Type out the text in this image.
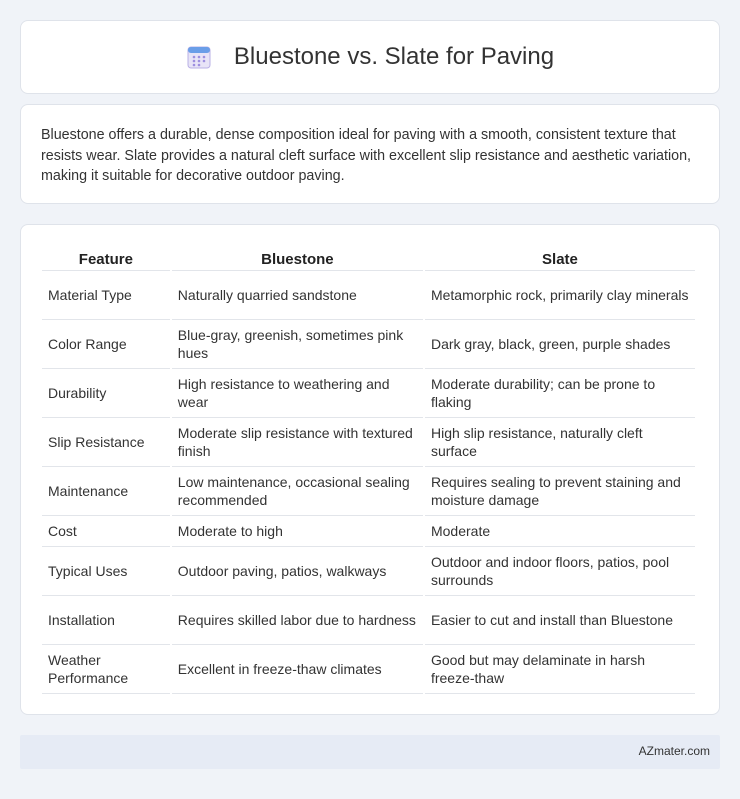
Bluestone vs. Slate for Paving

Bluestone offers a durable, dense composition ideal for paving with a smooth, consistent texture that resists wear. Slate provides a natural cleft surface with excellent slip resistance and aesthetic variation, making it suitable for decorative outdoor paving.

Feature	Bluestone	Slate
Material Type	Naturally quarried sandstone	Metamorphic rock, primarily clay minerals
Color Range	Blue-gray, greenish, sometimes pink hues	Dark gray, black, green, purple shades
Durability	High resistance to weathering and wear	Moderate durability; can be prone to flaking
Slip Resistance	Moderate slip resistance with textured finish	High slip resistance, naturally cleft surface
Maintenance	Low maintenance, occasional sealing recommended	Requires sealing to prevent staining and moisture damage
Cost	Moderate to high	Moderate
Typical Uses	Outdoor paving, patios, walkways	Outdoor and indoor floors, patios, pool surrounds
Installation	Requires skilled labor due to hardness	Easier to cut and install than Bluestone
Weather Performance	Excellent in freeze-thaw climates	Good but may delaminate in harsh freeze-thaw
AZmater.com
